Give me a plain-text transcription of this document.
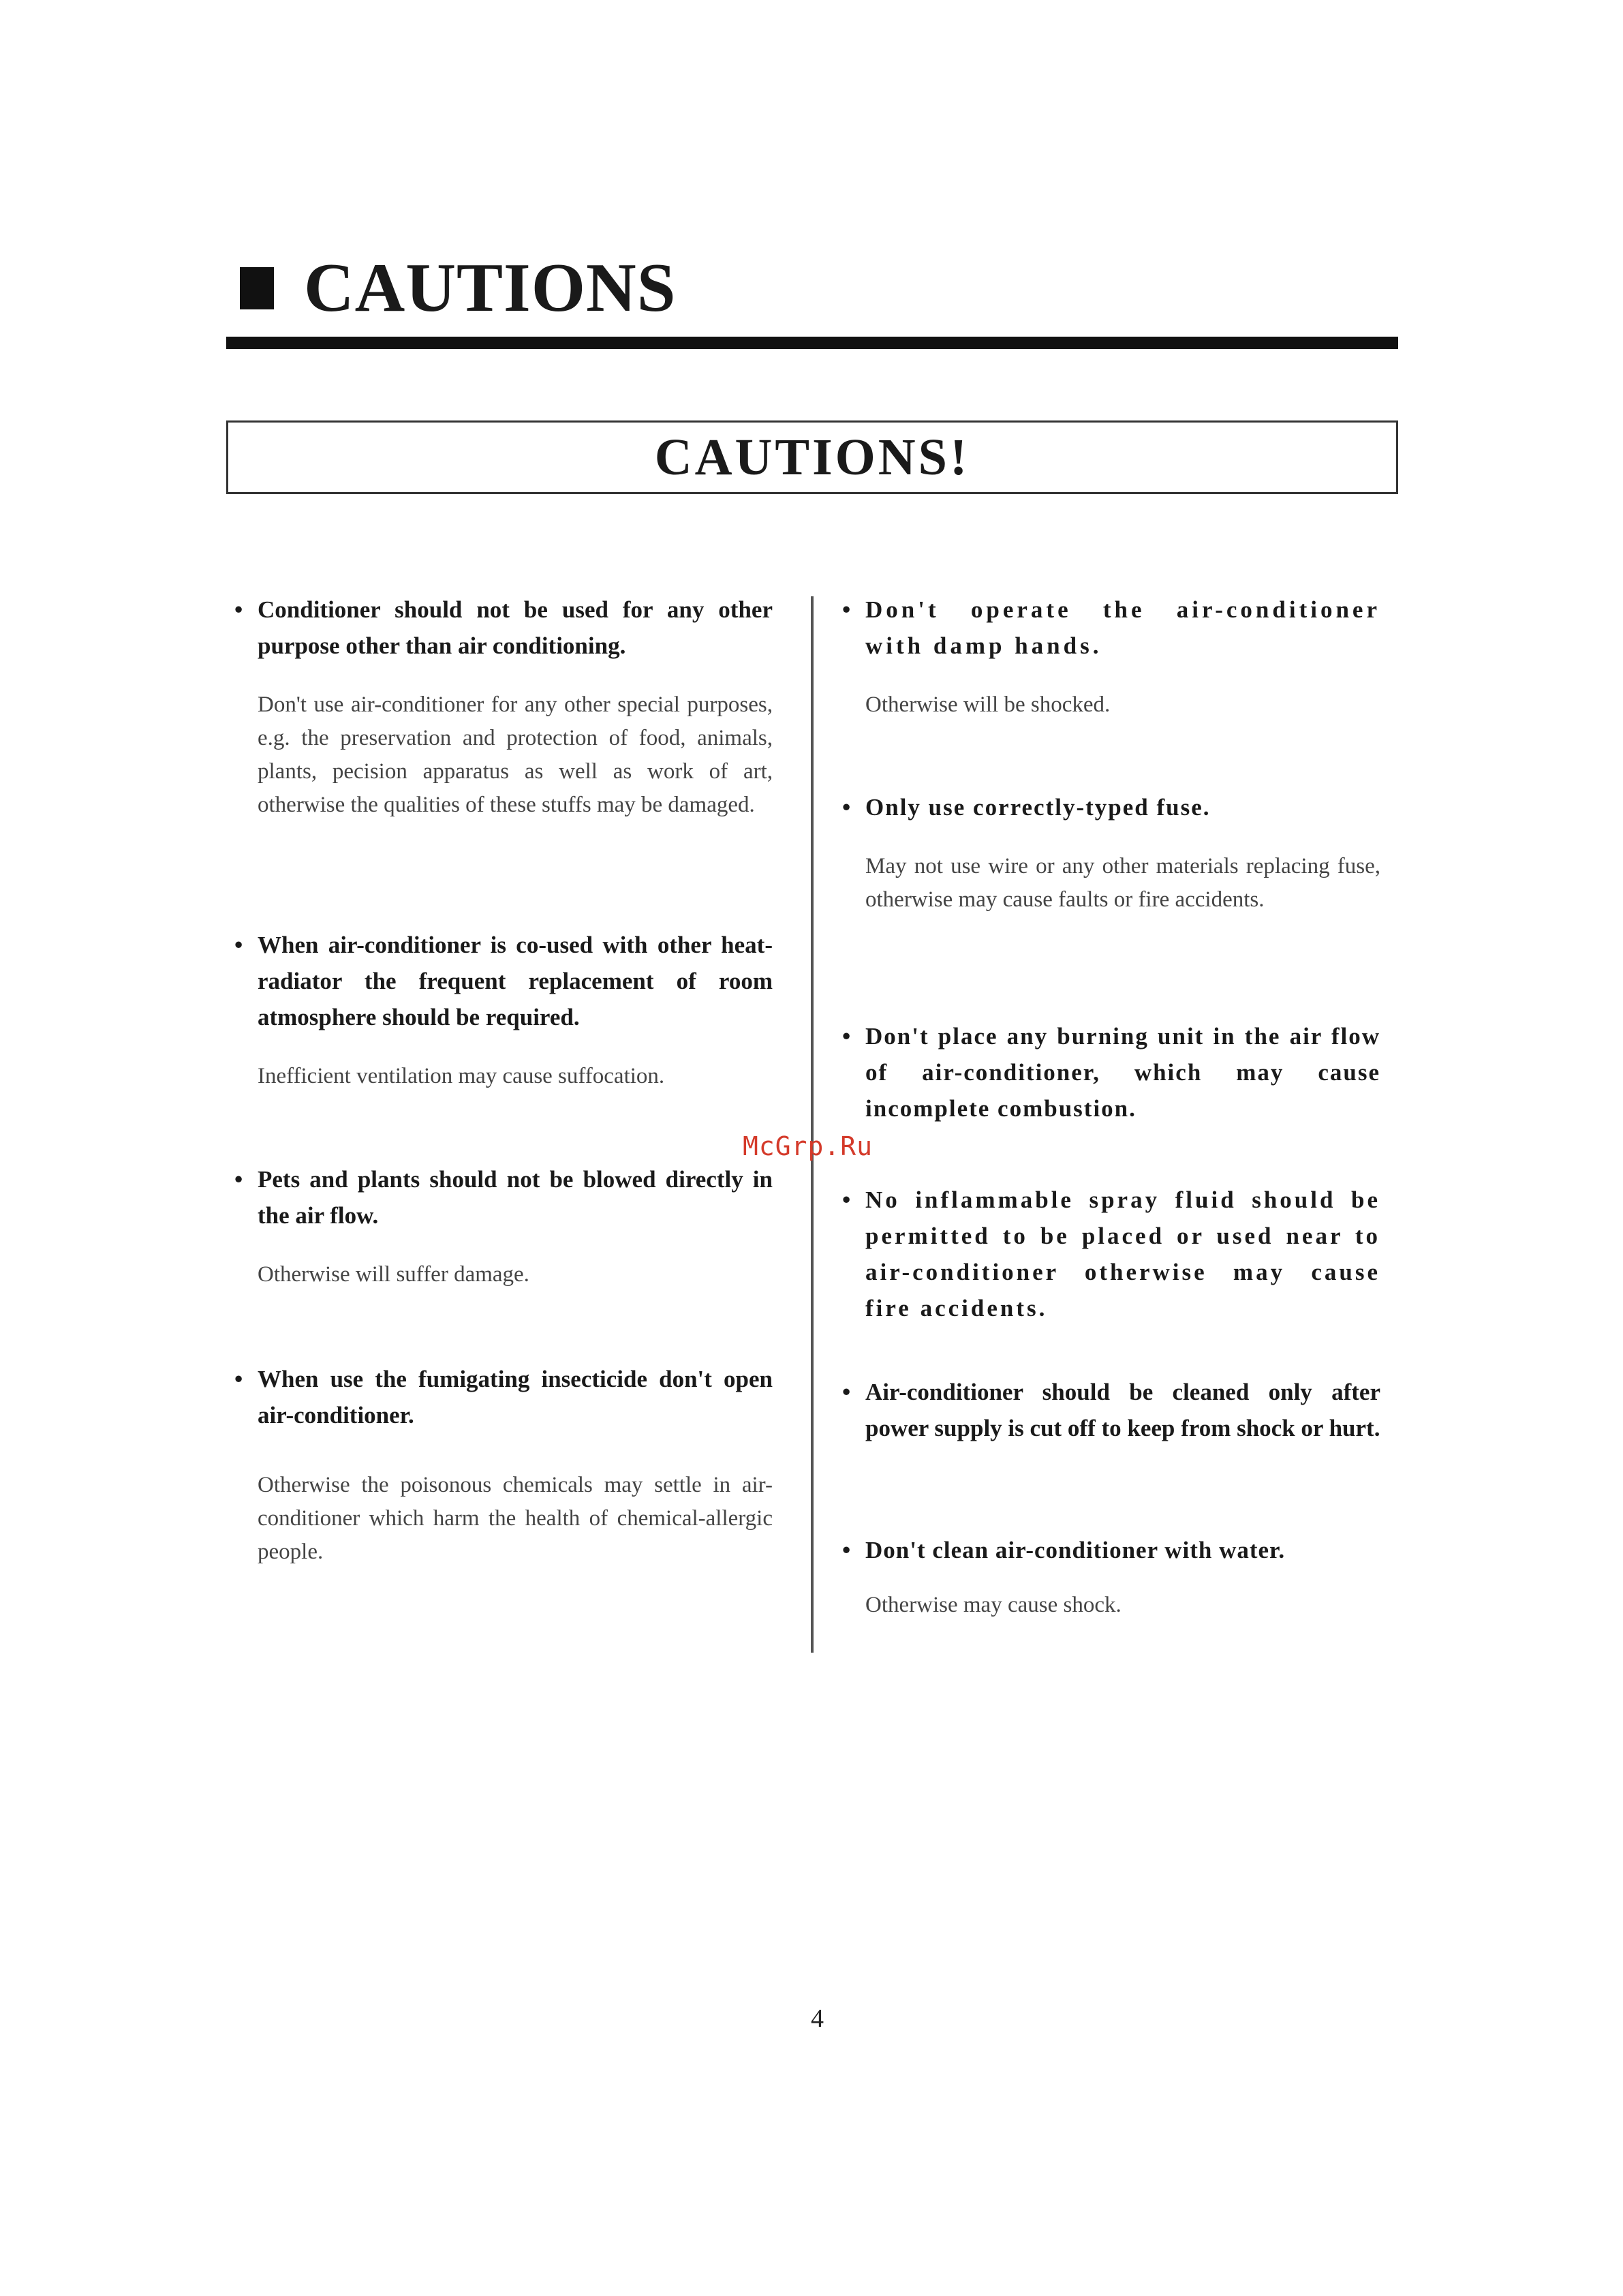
CAUTIONS
CAUTIONS!
• Conditioner should not be used for any other purpose other than air conditioning.
Don't use air-conditioner for any other special purposes, e.g. the preservation and protection of food, animals, plants, pecision apparatus as well as work of art, otherwise the qualities of these stuffs may be damaged.
• When air-conditioner is co-used with other heat-radiator the frequent replacement of room atmosphere should be required.
Inefficient ventilation may cause suffocation.
• Pets and plants should not be blowed directly in the air flow.
Otherwise will suffer damage.
• When use the fumigating insecticide don't open air-conditioner.
Otherwise the poisonous chemicals may settle in air-conditioner which harm the health of chemical-allergic people.
McGrp.Ru
• Don't operate the air-conditioner with damp hands.
Otherwise will be shocked.
• Only use correctly-typed fuse.
May not use wire or any other materials replacing fuse, otherwise may cause faults or fire accidents.
• Don't place any burning unit in the air flow of air-conditioner, which may cause incomplete combustion.
• No inflammable spray fluid should be permitted to be placed or used near to air-conditioner otherwise may cause fire accidents.
• Air-conditioner should be cleaned only after power supply is cut off to keep from shock or hurt.
• Don't clean air-conditioner with water.
Otherwise may cause shock.
4
